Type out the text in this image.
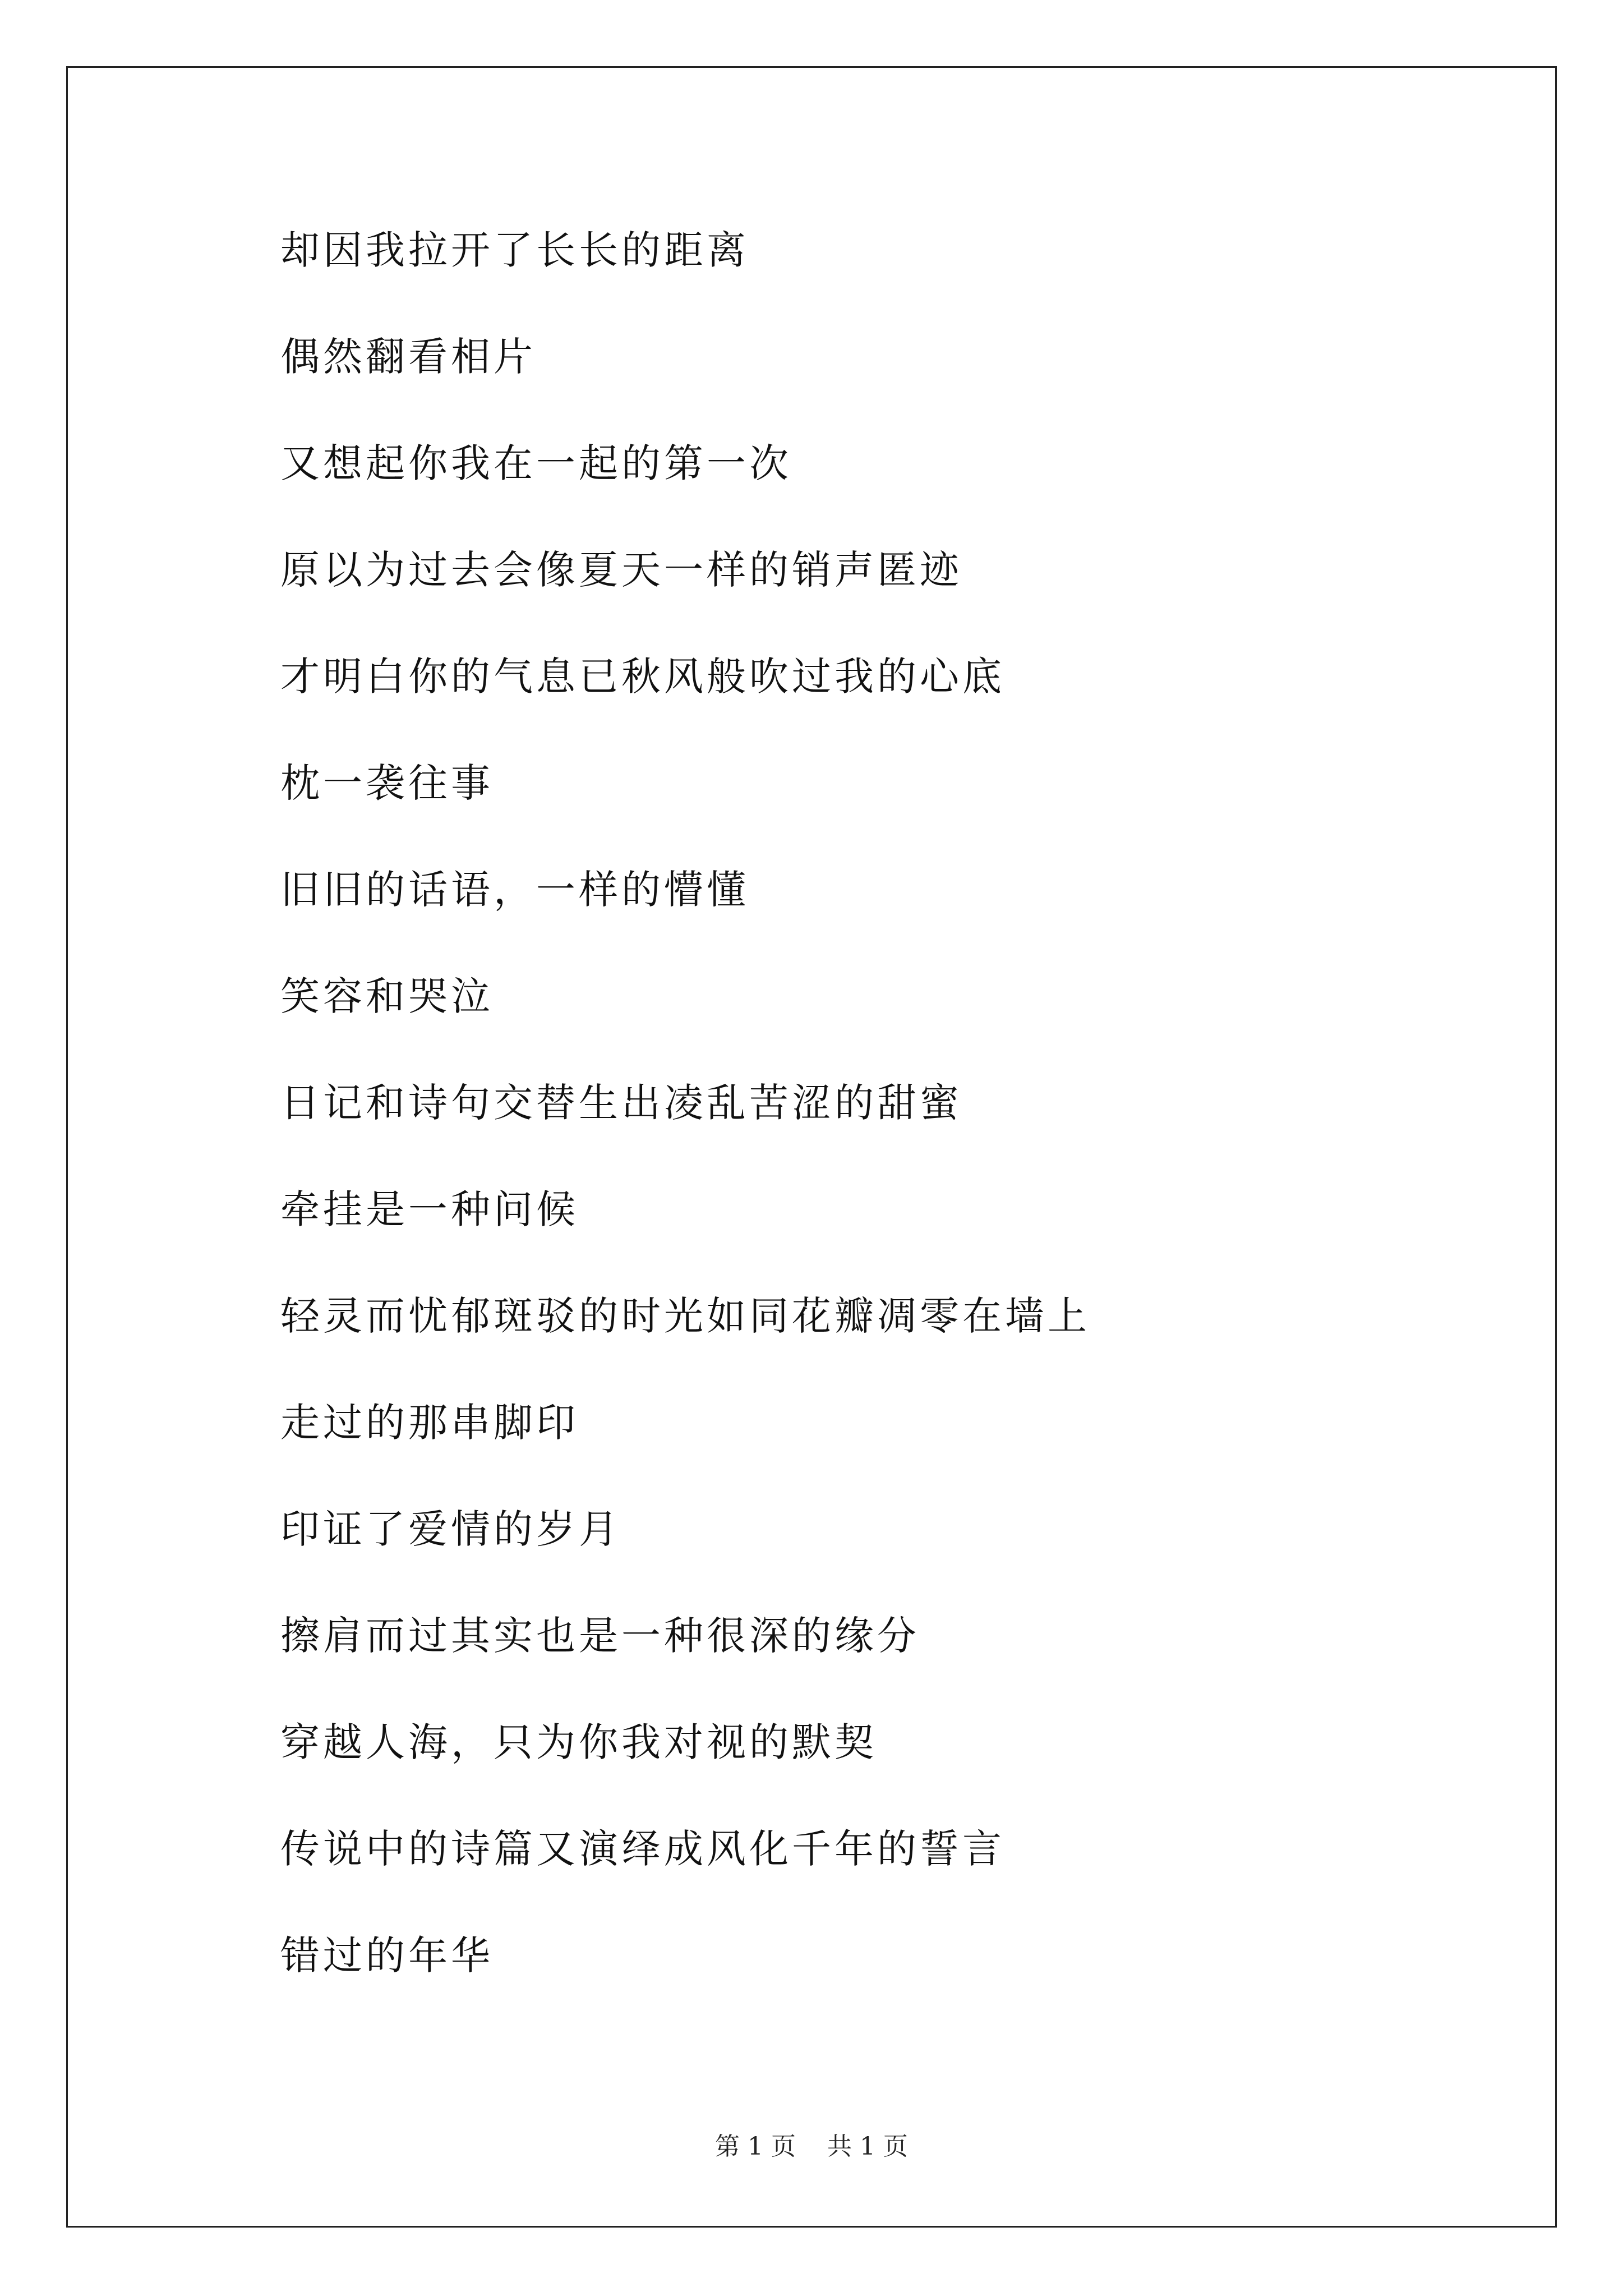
却因我拉开了长长的距离
偶然翻看相片
又想起你我在一起的第一次
原以为过去会像夏天一样的销声匿迹
才明白你的气息已秋风般吹过我的心底
枕一袭往事
旧旧的话语，一样的懵懂
笑容和哭泣
日记和诗句交替生出凌乱苦涩的甜蜜
牵挂是一种问候
轻灵而忧郁斑驳的时光如同花瓣凋零在墙上
走过的那串脚印
印证了爱情的岁月
擦肩而过其实也是一种很深的缘分
穿越人海，只为你我对视的默契
传说中的诗篇又演绎成风化千年的誓言
错过的年华
第 1 页    共 1 页
